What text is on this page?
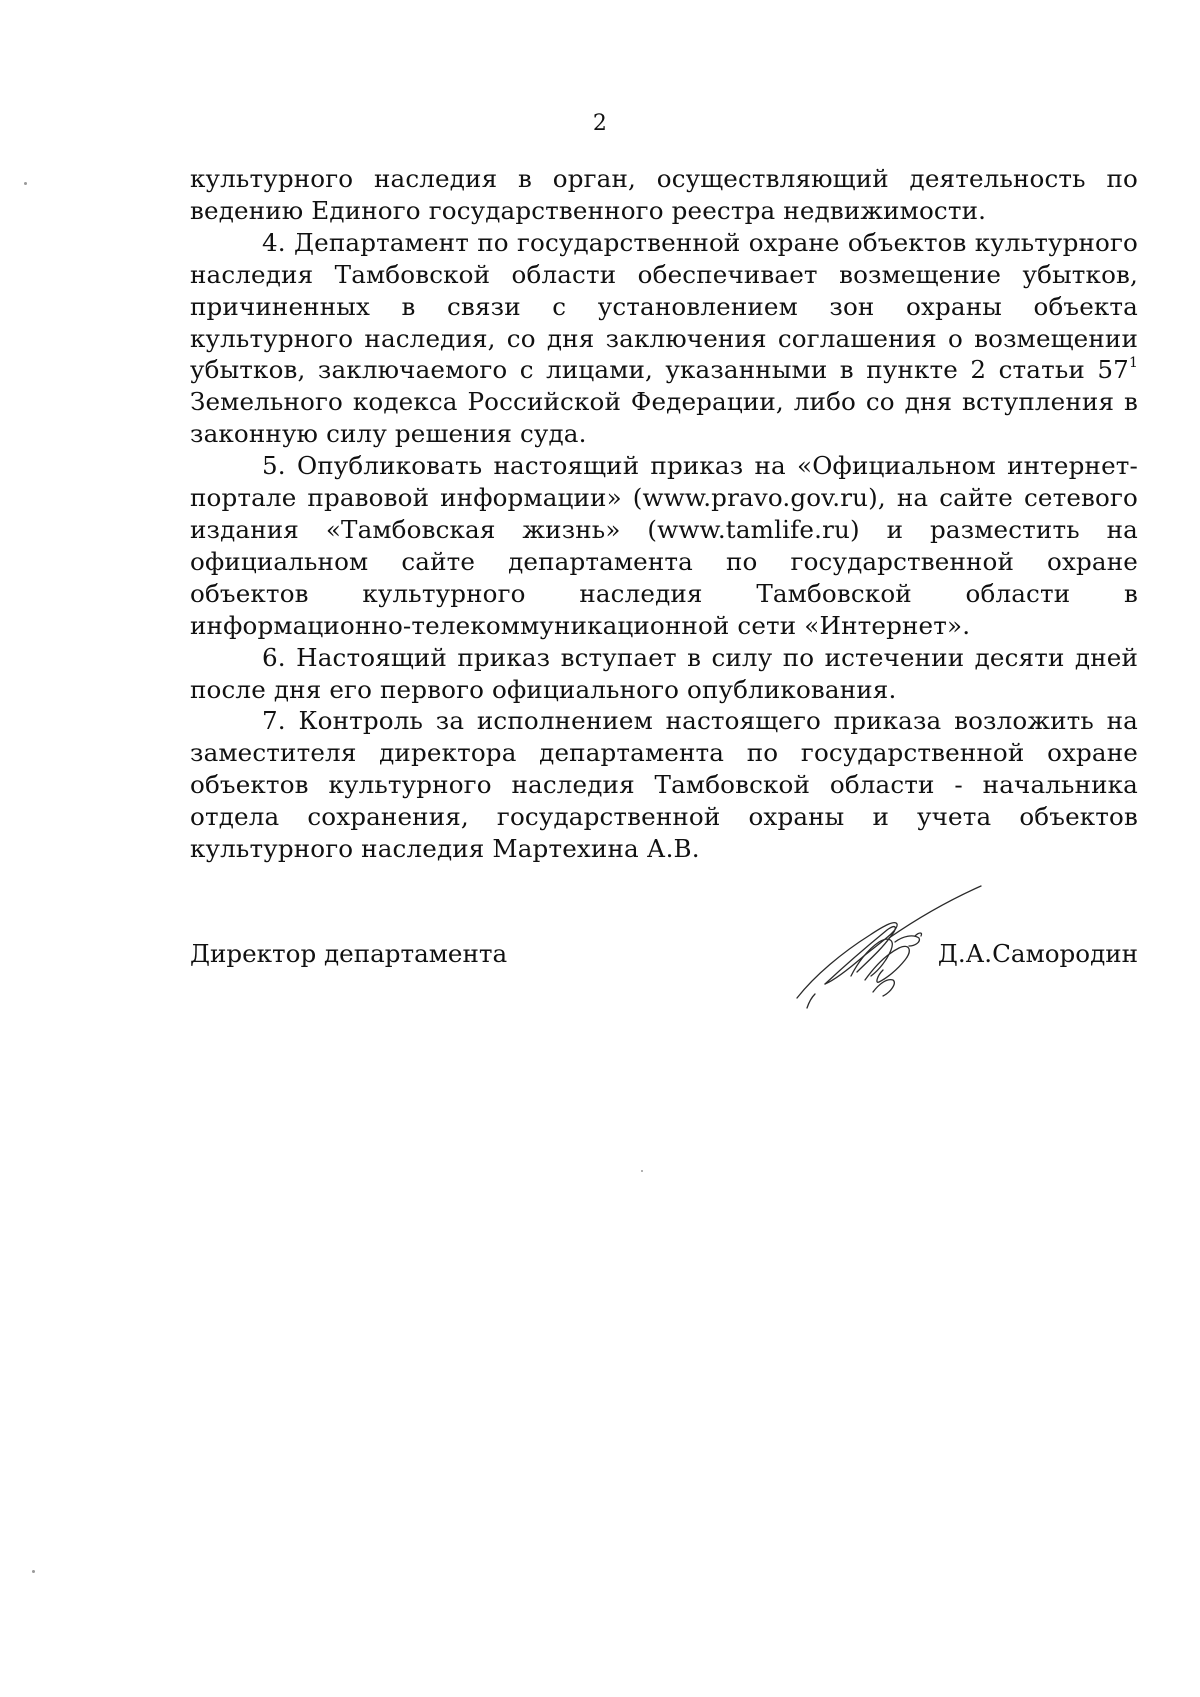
2

культурного наследия в орган, осуществляющий деятельность по ведению Единого государственного реестра недвижимости.

4. Департамент по государственной охране объектов культурного наследия Тамбовской области обеспечивает возмещение убытков, причиненных в связи с установлением зон охраны объекта культурного наследия, со дня заключения соглашения о возмещении убытков, заключаемого с лицами, указанными в пункте 2 статьи $57^1$ Земельного кодекса Российской Федерации, либо со дня вступления в законную силу решения суда.

5. Опубликовать настоящий приказ на «Официальном интернет-портале правовой информации» (www.pravo.gov.ru), на сайте сетевого издания «Тамбовская жизнь» (www.tamlife.ru) и разместить на официальном сайте департамента по государственной охране объектов культурного наследия Тамбовской области в информационно-телекоммуникационной сети «Интернет».

6. Настоящий приказ вступает в силу по истечении десяти дней после дня его первого официального опубликования.

7. Контроль за исполнением настоящего приказа возложить на заместителя директора департамента по государственной охране объектов культурного наследия Тамбовской области - начальника отдела сохранения, государственной охраны и учета объектов культурного наследия Мартехина А.В.

Директор департамента	Д.А.Самородин
